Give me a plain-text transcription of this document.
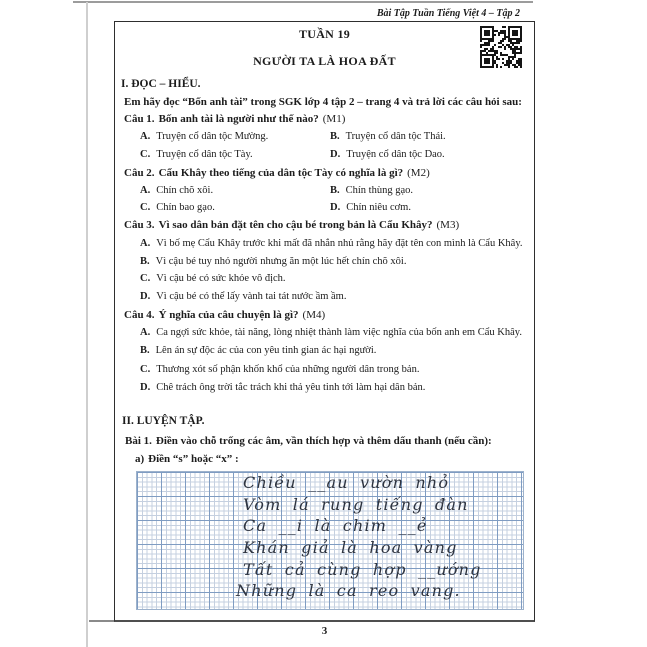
Bài Tập Tuần Tiếng Việt 4 – Tập 2
TUẦN 19
NGƯỜI TA LÀ HOA ĐẤT
I. ĐỌC – HIỂU.
Em hãy đọc “Bốn anh tài” trong SGK lớp 4 tập 2 – trang 4 và trả lời các câu hỏi sau:
Câu 1. Bốn anh tài là người như thế nào? (M1)
A. Truyện cổ dân tộc Mường.	B. Truyện cổ dân tộc Thái.
C. Truyện cổ dân tộc Tày.	D. Truyện cổ dân tộc Dao.
Câu 2. Cẩu Khây theo tiếng của dân tộc Tày có nghĩa là gì? (M2)
A. Chín chõ xôi.	B. Chín thùng gạo.
C. Chín bao gạo.	D. Chín niêu cơm.
Câu 3. Vì sao dân bản đặt tên cho cậu bé trong bản là Cẩu Khây? (M3)
A. Vì bố mẹ Cẩu Khây trước khi mất đã nhắn nhủ rằng hãy đặt tên con mình là Cẩu Khây.
B. Vì cậu bé tuy nhỏ người nhưng ăn một lúc hết chín chõ xôi.
C. Vì cậu bé có sức khỏe vô địch.
D. Vì cậu bé có thể lấy vành tai tát nước ầm ầm.
Câu 4. Ý nghĩa của câu chuyện là gì? (M4)
A. Ca ngợi sức khỏe, tài năng, lòng nhiệt thành làm việc nghĩa của bốn anh em Cẩu Khây.
B. Lên án sự độc ác của con yêu tinh gian ác hại người.
C. Thương xót số phận khốn khổ của những người dân trong bản.
D. Chê trách ông trời tắc trách khi thả yêu tinh tới làm hại dân bản.
II. LUYỆN TẬP.
Bài 1. Điền vào chỗ trống các âm, vần thích hợp và thêm dấu thanh (nếu cần):
a) Điền “s” hoặc “x” :
Chiều __au vườn nhỏ
Vòm lá rung tiếng đàn
Ca __i là chim __ẻ
Khán giả là hoa vàng
Tất cả cùng hợp __ướng
Những là ca reo vang.
3
